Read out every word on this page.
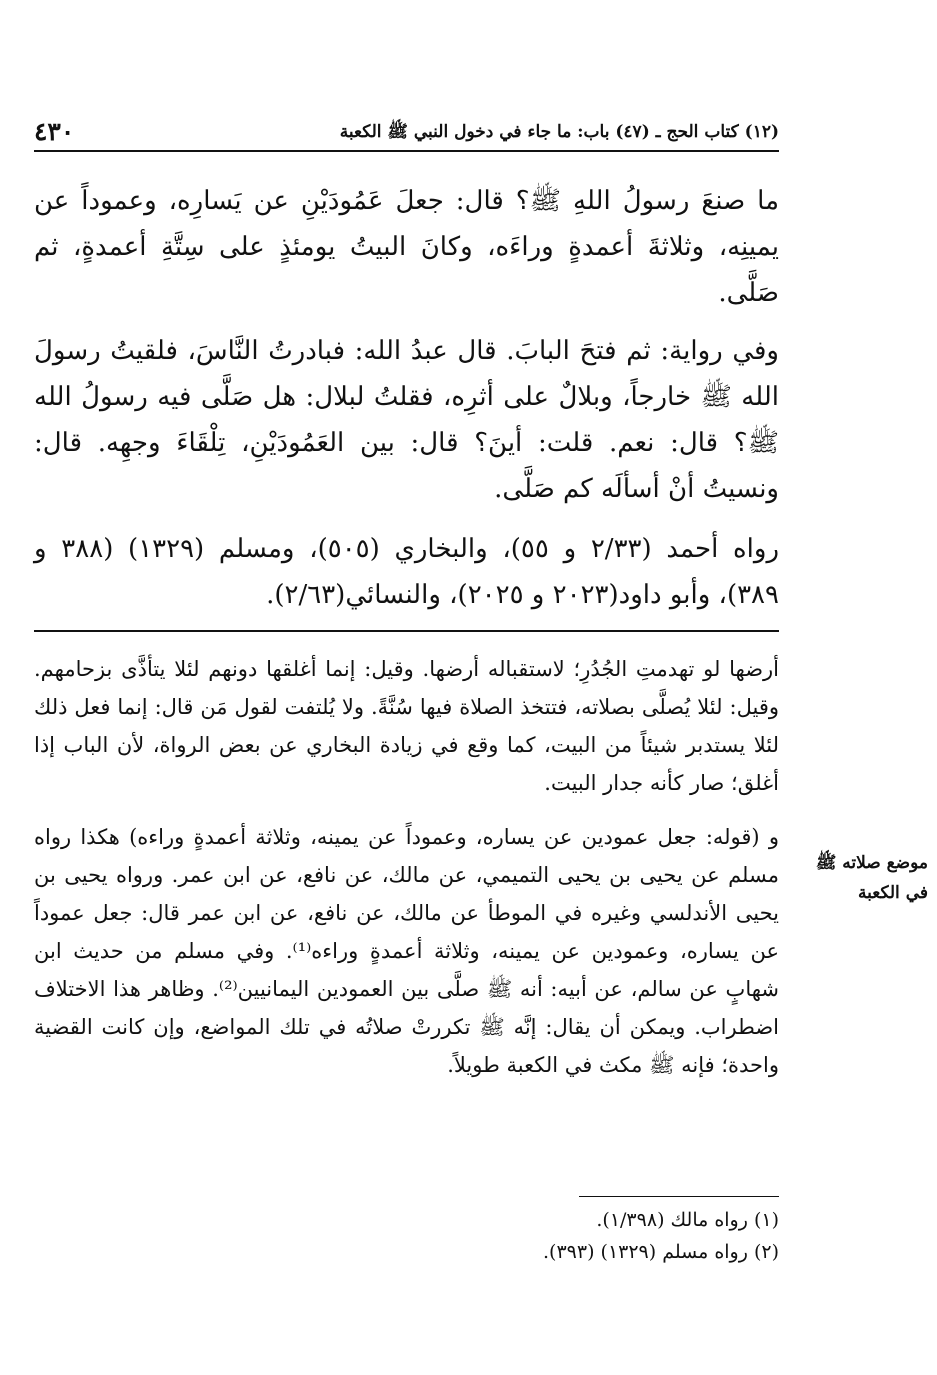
(١٢) كتاب الحج ـ (٤٧) باب: ما جاء في دخول النبي ﷺ الكعبة
٤٣٠

ما صنعَ رسولُ اللهِ ﷺ؟ قال: جعلَ عَمُودَيْنِ عن يَسارِه، وعموداً عن يمينِه، وثلاثةَ أعمدةٍ وراءَه، وكانَ البيتُ يومئذٍ على سِتَّةِ أعمدةٍ، ثم صَلَّى.

وفي رواية: ثم فتحَ البابَ. قال عبدُ الله: فبادرتُ النَّاسَ، فلقيتُ رسولَ الله ﷺ خارجاً، وبلالٌ على أثرِه، فقلتُ لبلال: هل صَلَّى فيه رسولُ الله ﷺ؟ قال: نعم. قلت: أينَ؟ قال: بين العَمُودَيْنِ، تِلْقَاءَ وجهِه. قال: ونسيتُ أنْ أسألَه كم صَلَّى.

رواه أحمد (٢/٣٣ و ٥٥)، والبخاري (٥٠٥)، ومسلم (١٣٢٩) (٣٨٨ و ٣٨٩)، وأبو داود(٢٠٢٣ و ٢٠٢٥)، والنسائي(٢/٦٣).

أرضها لو تهدمتِ الجُدُرِ؛ لاستقباله أرضها. وقيل: إنما أغلقها دونهم لئلا يتأذَّى بزحامهم. وقيل: لئلا يُصلَّى بصلاته، فتتخذ الصلاة فيها سُنَّةً. ولا يُلتفت لقول مَن قال: إنما فعل ذلك لئلا يستدبر شيئاً من البيت، كما وقع في زيادة البخاري عن بعض الرواة، لأن الباب إذا أغلق؛ صار كأنه جدار البيت.

و (قوله: جعل عمودين عن يساره، وعموداً عن يمينه، وثلاثة أعمدةٍ وراءه) هكذا رواه مسلم عن يحيى بن يحيى التميمي، عن مالك، عن نافع، عن ابن عمر. ورواه يحيى بن يحيى الأندلسي وغيره في الموطأ عن مالك، عن نافع، عن ابن عمر قال: جعل عموداً عن يساره، وعمودين عن يمينه، وثلاثة أعمدةٍ وراءه⁽¹⁾. وفي مسلم من حديث ابن شهابٍ عن سالم، عن أبيه: أنه ﷺ صلَّى بين العمودين اليمانيين⁽²⁾. وظاهر هذا الاختلاف اضطراب. ويمكن أن يقال: إنَّه ﷺ تكررتْ صلاتُه في تلك المواضع، وإن كانت القضية واحدة؛ فإنه ﷺ مكث في الكعبة طويلاً.

موضع صلاته ﷺ في الكعبة

(١) رواه مالك (١/٣٩٨).

(٢) رواه مسلم (١٣٢٩) (٣٩٣).
